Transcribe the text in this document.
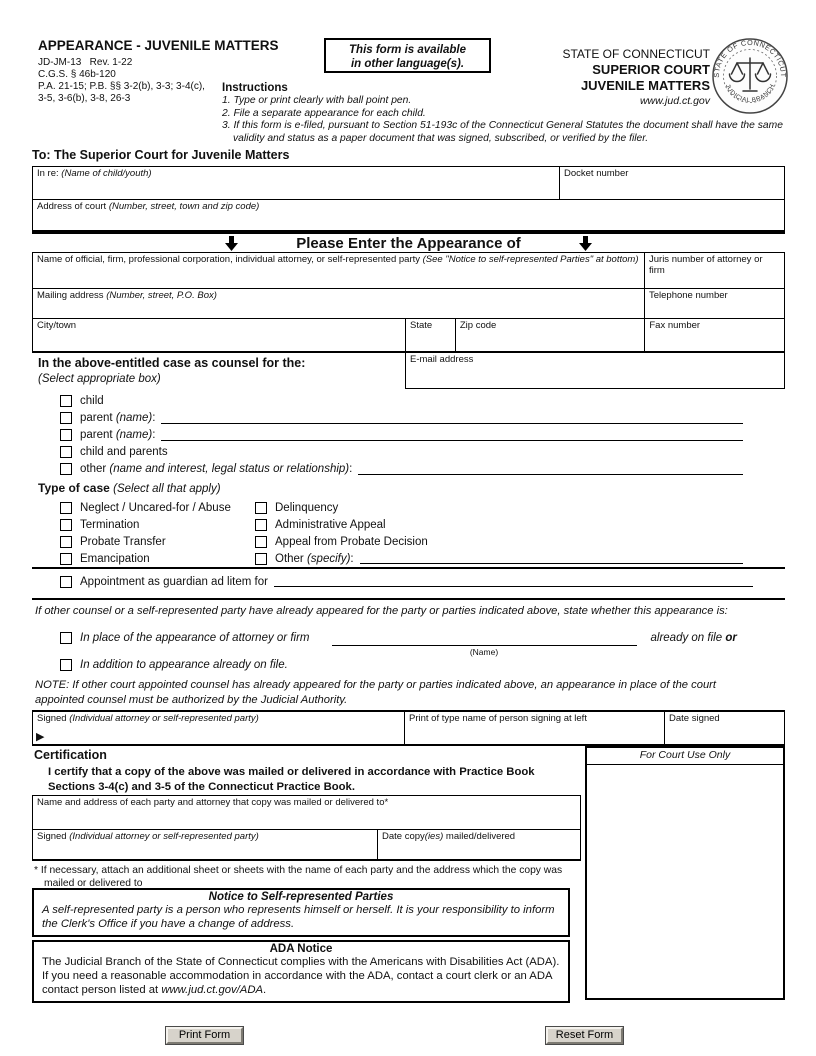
APPEARANCE - JUVENILE MATTERS
JD-JM-13   Rev. 1-22
C.G.S. § 46b-120
P.A. 21-15; P.B. §§ 3-2(b), 3-3; 3-4(c),
3-5, 3-6(b), 3-8, 26-3
This form is available
in other language(s).
Instructions
1. Type or print clearly with ball point pen.
2. File a separate appearance for each child.
3. If this form is e-filed, pursuant to Section 51-193c of the Connecticut General Statutes the document shall have the same validity and status as a paper document that was signed, subscribed, or verified by the filer.
STATE OF CONNECTICUT
SUPERIOR COURT
JUVENILE MATTERS
www.jud.ct.gov
STATE OF CONNECTICUT
JUDICIAL BRANCH
To: The Superior Court for Juvenile Matters
In re: (Name of child/youth)	Docket number
Address of court (Number, street, town and zip code)
Please Enter the Appearance of
Name of official, firm, professional corporation, individual attorney, or self-represented party (See "Notice to self-represented Parties" at bottom)	Juris number of attorney or firm
Mailing address (Number, street, P.O. Box)	Telephone number
City/town	State	Zip code	Fax number
E-mail address
In the above-entitled case as counsel for the:
(Select appropriate box)
child
parent (name):
parent (name):
child and parents
other (name and interest, legal status or relationship):
Type of case (Select all that apply)
Neglect / Uncared-for / Abuse	Delinquency
Termination	Administrative Appeal
Probate Transfer	Appeal from Probate Decision
Emancipation	Other (specify):
Appointment as guardian ad litem for
If other counsel or a self-represented party have already appeared for the party or parties indicated above, state whether this appearance is:
In place of the appearance of attorney or firm
(Name)
already on file or
In addition to appearance already on file.
NOTE: If other court appointed counsel has already appeared for the party or parties indicated above, an appearance in place of the court appointed counsel must be authorized by the Judicial Authority.
Signed (Individual attorney or self-represented party)
▶
Print of type name of person signing at left	Date signed
Certification
I certify that a copy of the above was mailed or delivered in accordance with Practice Book Sections 3-4(c) and 3-5 of the Connecticut Practice Book.
Name and address of each party and attorney that copy was mailed or delivered to*
Signed (Individual attorney or self-represented party)	Date copy(ies) mailed/delivered
* If necessary, attach an additional sheet or sheets with the name of each party and the address which the copy was mailed or delivered to
Notice to Self-represented Parties
A self-represented party is a person who represents himself or herself. It is your responsibility to inform the Clerk's Office if you have a change of address.
ADA Notice
The Judicial Branch of the State of Connecticut complies with the Americans with Disabilities Act (ADA). If you need a reasonable accommodation in accordance with the ADA, contact a court clerk or an ADA contact person listed at www.jud.ct.gov/ADA.
For Court Use Only
Print Form	Reset Form
